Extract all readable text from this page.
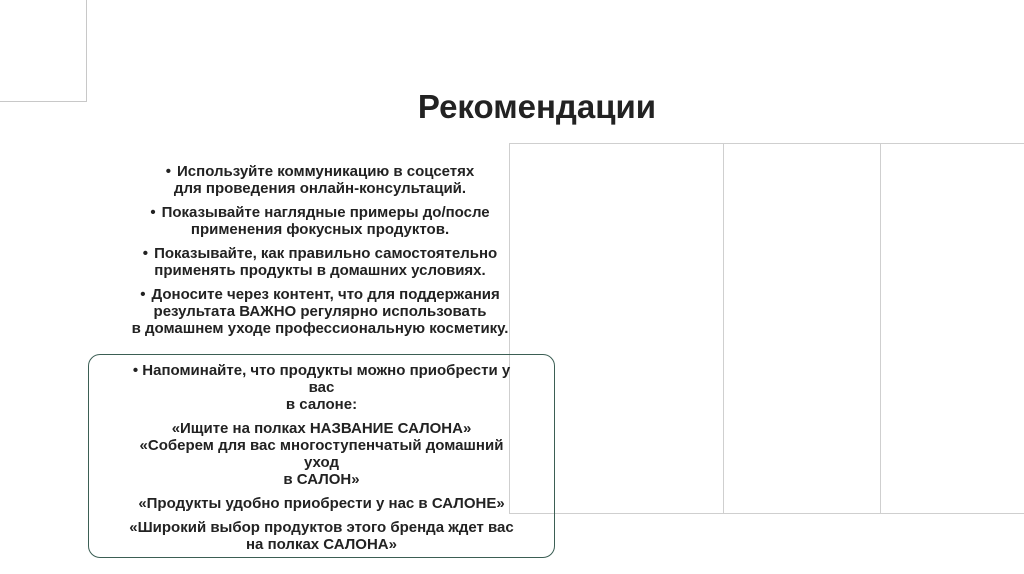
Рекомендации
• Используйте коммуникацию в соцсетях
для проведения онлайн-консультаций.
• Показывайте наглядные примеры до/после
применения фокусных продуктов.
• Показывайте, как правильно самостоятельно
применять продукты в домашних условиях.
• Доносите через контент, что для поддержания
результата ВАЖНО регулярно использовать
в домашнем уходе профессиональную косметику.

• Напоминайте, что продукты можно приобрести у

вас

в салоне:

«Ищите на полках НАЗВАНИЕ САЛОНА»

«Соберем для вас многоступенчатый домашний

уход

в САЛОН»

«Продукты удобно приобрести у нас в САЛОНЕ»

«Широкий выбор продуктов этого бренда ждет вас

на полках САЛОНА»
